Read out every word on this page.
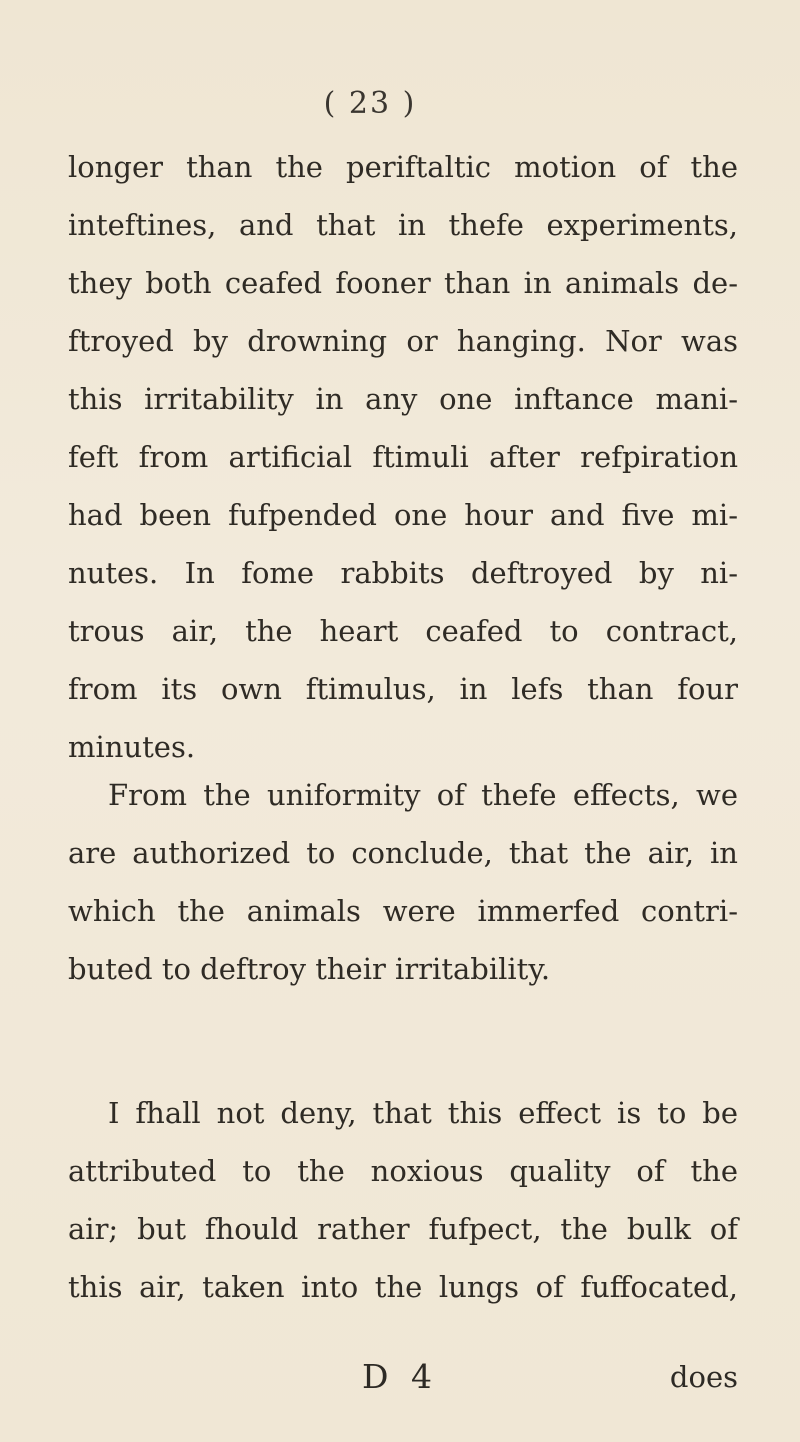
( 23 )
longer than the periftaltic motion of the
inteftines, and that in thefe experiments,
they both ceafed fooner than in animals de-
ftroyed by drowning or hanging. Nor was
this irritability in any one inftance mani-
feft from artificial ftimuli after refpiration
had been fufpended one hour and five mi-
nutes. In fome rabbits deftroyed by ni-
trous air, the heart ceafed to contract,
from its own ftimulus, in lefs than four
minutes.
From the uniformity of thefe effects, we
are authorized to conclude, that the air, in
which the animals were immerfed contri-
buted to deftroy their irritability.
I fhall not deny, that this effect is to be
attributed to the noxious quality of the
air; but fhould rather fufpect, the bulk of
this air, taken into the lungs of fuffocated,
D 4	does
